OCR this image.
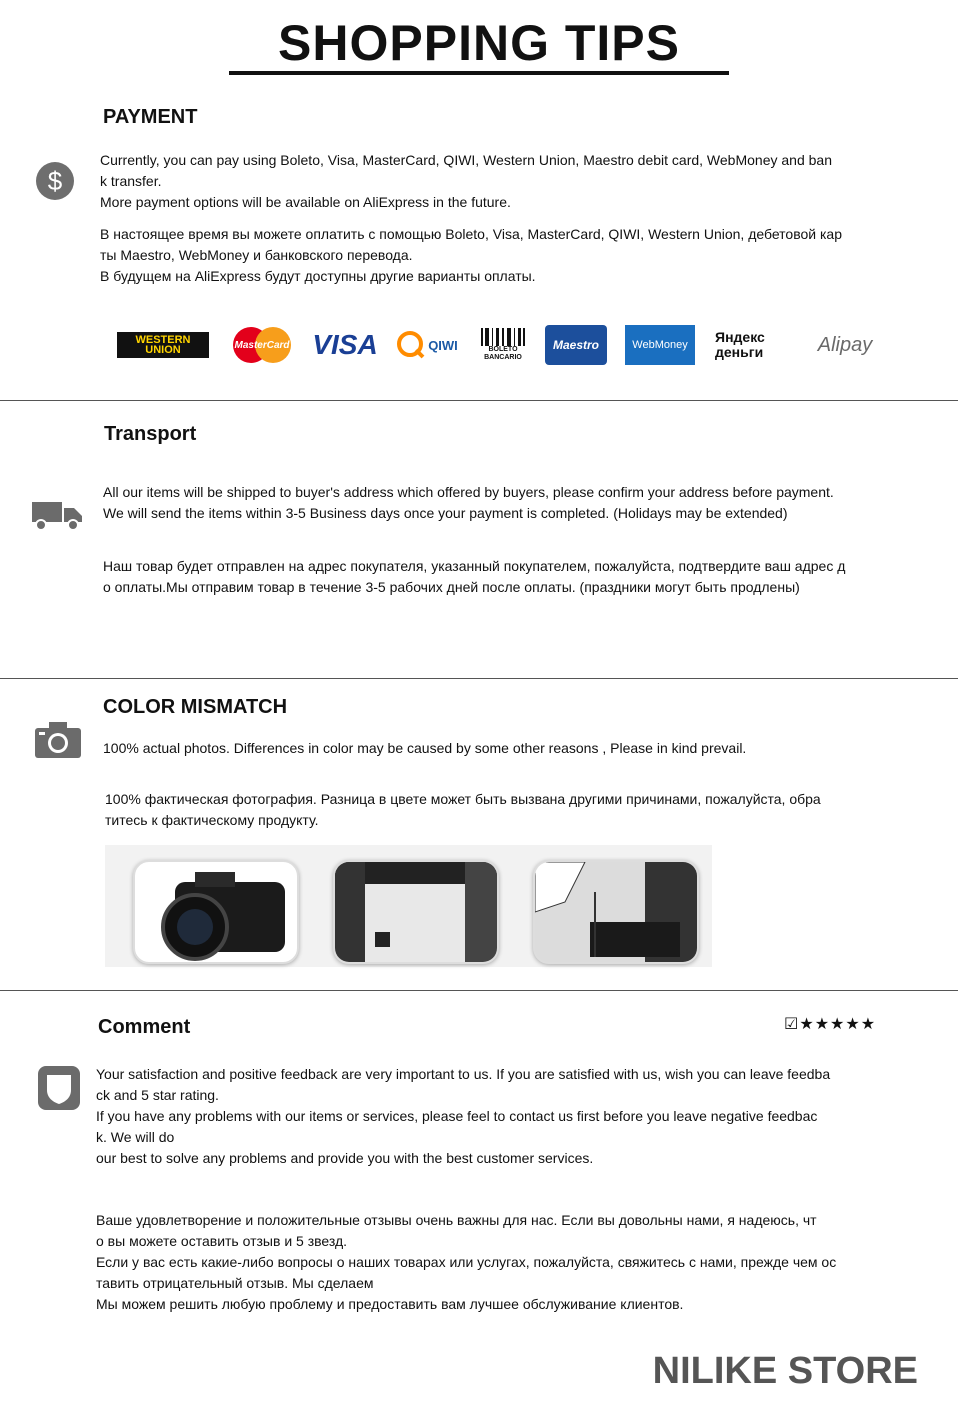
SHOPPING TIPS
PAYMENT
$
Currently, you can pay using Boleto, Visa, MasterCard, QIWI, Western Union, Maestro debit card, WebMoney and ban
k transfer.
More payment options will be available on AliExpress in the future.
В настоящее время вы можете оплатить с помощью Boleto, Visa, MasterCard, QIWI, Western Union, дебетовой кар
ты Maestro, WebMoney и банковского перевода.
В будущем на AliExpress будут доступны другие варианты оплаты.
WESTERN UNION	MasterCard VISA	QIWI	BOLETO BANCARIO
Maestro	WebMoney	Яндекс деньги	Alipay
Transport
All our items will be shipped to buyer's address which offered by buyers, please confirm your address before payment.
We will send the items within 3-5 Business days once your payment is completed. (Holidays may be extended)
Наш товар будет отправлен на адрес покупателя, указанный покупателем, пожалуйста, подтвердите ваш адрес д
о оплаты.Мы отправим товар в течение 3-5 рабочих дней после оплаты. (праздники могут быть продлены)
COLOR MISMATCH
100% actual photos. Differences in color may be caused by some other reasons , Please in kind prevail.
100% фактическая фотография. Разница в цвете может быть вызвана другими причинами, пожалуйста, обра
титесь к фактическому продукту.
Comment	☑★★★★★
Your satisfaction and positive feedback are very important to us. If you are satisfied with us, wish you can leave feedba
ck and 5 star rating.
If you have any problems with our items or services, please feel to contact us first before you leave negative feedbac
k. We will do
our best to solve any problems and provide you with the best customer services.
Ваше удовлетворение и положительные отзывы очень важны для нас. Если вы довольны нами, я надеюсь, чт
о вы можете оставить отзыв и 5 звезд.
Если у вас есть какие-либо вопросы о наших товарах или услугах, пожалуйста, свяжитесь с нами, прежде чем ос
тавить отрицательный отзыв. Мы сделаем
Мы можем решить любую проблему и предоставить вам лучшее обслуживание клиентов.
NILIKE STORE
